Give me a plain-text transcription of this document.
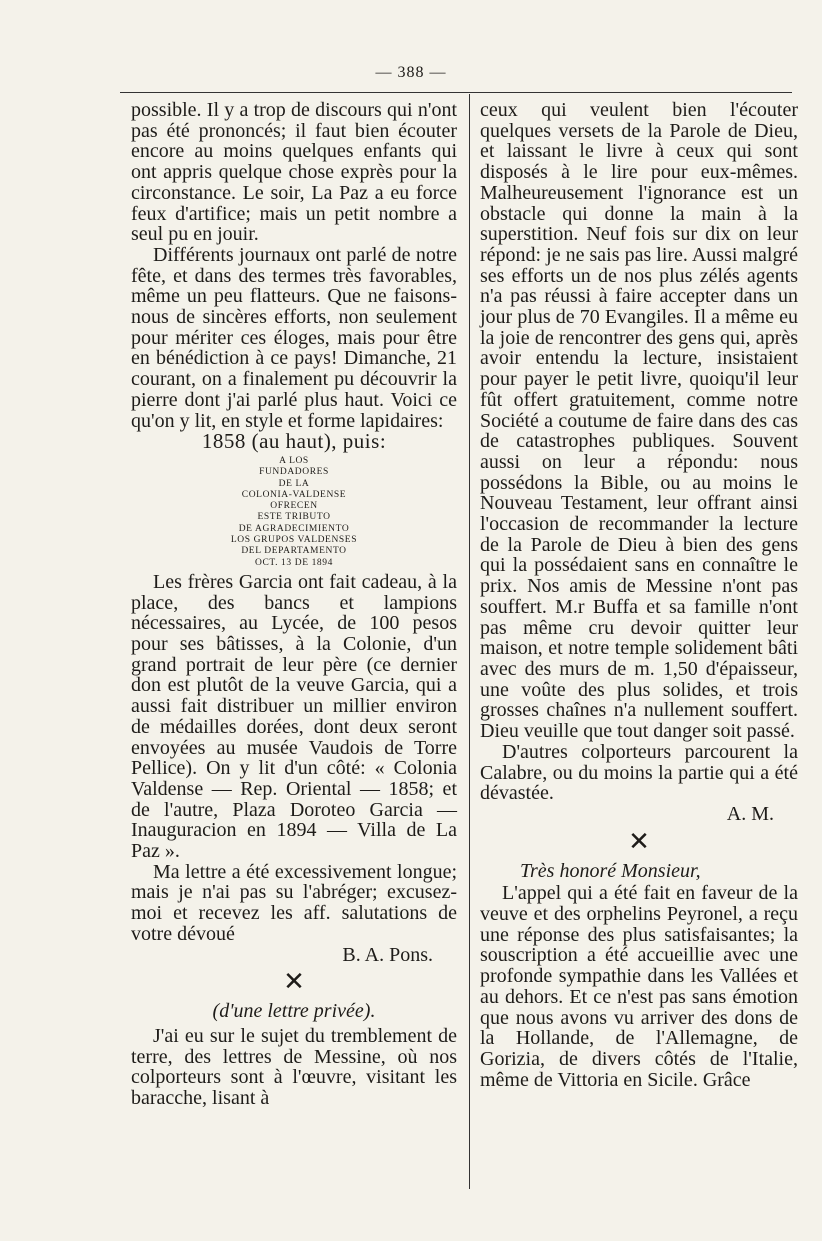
— 388 —

possible. Il y a trop de discours qui n'ont pas été prononcés; il faut bien écouter encore au moins quelques enfants qui ont appris quelque chose exprès pour la circonstance. Le soir, La Paz a eu force feux d'artifice; mais un petit nombre a seul pu en jouir.

Différents journaux ont parlé de notre fête, et dans des termes très favorables, même un peu flatteurs. Que ne faisons-nous de sincères efforts, non seulement pour mériter ces éloges, mais pour être en bénédiction à ce pays! Dimanche, 21 courant, on a finalement pu découvrir la pierre dont j'ai parlé plus haut. Voici ce qu'on y lit, en style et forme lapidaires:

1858 (au haut), puis:
A LOS
FUNDADORES
DE LA
COLONIA-VALDENSE
OFRECEN
ESTE TRIBUTO
DE AGRADECIMIENTO
LOS GRUPOS VALDENSES
DEL DEPARTAMENTO
OCT. 13 DE 1894

Les frères Garcia ont fait cadeau, à la place, des bancs et lampions nécessaires, au Lycée, de 100 pesos pour ses bâtisses, à la Colonie, d'un grand portrait de leur père (ce dernier don est plutôt de la veuve Garcia, qui a aussi fait distribuer un millier environ de médailles dorées, dont deux seront envoyées au musée Vaudois de Torre Pellice). On y lit d'un côté: « Colonia Valdense — Rep. Oriental — 1858; et de l'autre, Plaza Doroteo Garcia — Inauguracion en 1894 — Villa de La Paz ».

Ma lettre a été excessivement longue; mais je n'ai pas su l'abréger; excusez-moi et recevez les aff. salutations de votre dévoué

B. A. Pons.
✕
(d'une lettre privée).

J'ai eu sur le sujet du tremblement de terre, des lettres de Messine, où nos colporteurs sont à l'œuvre, visitant les baracche, lisant à

ceux qui veulent bien l'écouter quelques versets de la Parole de Dieu, et laissant le livre à ceux qui sont disposés à le lire pour eux-mêmes. Malheureusement l'ignorance est un obstacle qui donne la main à la superstition. Neuf fois sur dix on leur répond: je ne sais pas lire. Aussi malgré ses efforts un de nos plus zélés agents n'a pas réussi à faire accepter dans un jour plus de 70 Evangiles. Il a même eu la joie de rencontrer des gens qui, après avoir entendu la lecture, insistaient pour payer le petit livre, quoiqu'il leur fût offert gratuitement, comme notre Société a coutume de faire dans des cas de catastrophes publiques. Souvent aussi on leur a répondu: nous possédons la Bible, ou au moins le Nouveau Testament, leur offrant ainsi l'occasion de recommander la lecture de la Parole de Dieu à bien des gens qui la possédaient sans en connaître le prix. Nos amis de Messine n'ont pas souffert. M.r Buffa et sa famille n'ont pas même cru devoir quitter leur maison, et notre temple solidement bâti avec des murs de m. 1,50 d'épaisseur, une voûte des plus solides, et trois grosses chaînes n'a nullement souffert. Dieu veuille que tout danger soit passé.

D'autres colporteurs parcourent la Calabre, ou du moins la partie qui a été dévastée.

A. M.
✕
Très honoré Monsieur,

L'appel qui a été fait en faveur de la veuve et des orphelins Peyronel, a reçu une réponse des plus satisfaisantes; la souscription a été accueillie avec une profonde sympathie dans les Vallées et au dehors. Et ce n'est pas sans émotion que nous avons vu arriver des dons de la Hollande, de l'Allemagne, de Gorizia, de divers côtés de l'Italie, même de Vittoria en Sicile. Grâce
